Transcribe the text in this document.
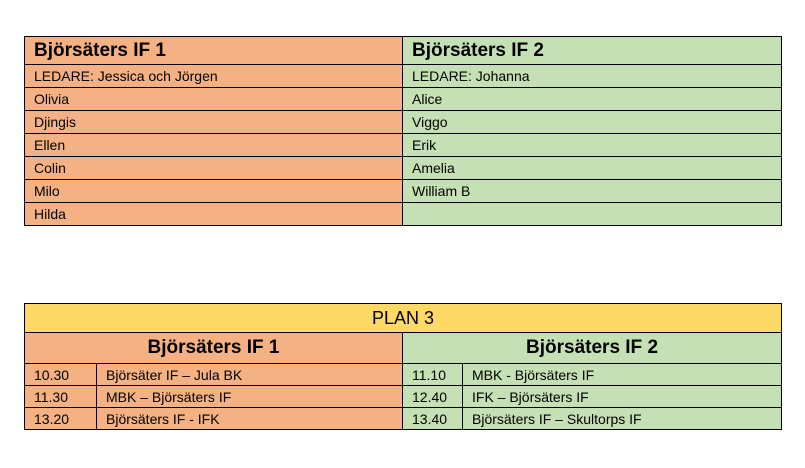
Björsäters IF 1	Björsäters IF 2
LEDARE: Jessica och Jörgen	LEDARE: Johanna
Olivia	Alice
Djingis	Viggo
Ellen	Erik
Colin	Amelia
Milo	William B
Hilda	
PLAN 3			
Björsäters IF 1		Björsäters IF 2	
10.30	Björsäter IF – Jula BK	11.10	MBK - Björsäters IF
11.30	MBK – Björsäters IF	12.40	IFK – Björsäters IF
13.20	Björsäters IF - IFK	13.40	Björsäters IF – Skultorps IF
